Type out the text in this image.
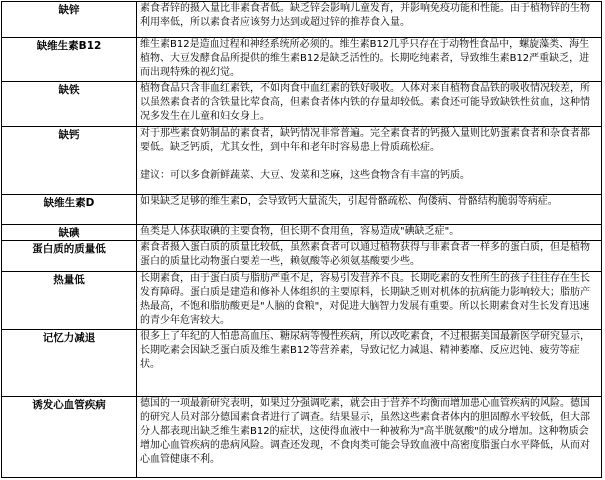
缺锌	素食者锌的摄入量比非素食者低。缺乏锌会影响儿童发育，并影响免疫功能和性能。由于植物锌的生物利用率低，所以素食者应该努力达到或超过锌的推荐食入量。
缺维生素B12	维生素B12是造血过程和神经系统所必须的。维生素B12几乎只存在于动物性食品中，螺旋藻类、海生植物、大豆发酵食品所提供的维生素B12是缺乏活性的。长期吃纯素者，导致维生素B12严重缺乏，进而出现特殊的视幻觉。
缺铁	植物食品只含非血红素铁，不如肉食中血红素的铁好吸收。人体对来自植物食品铁的吸收情况较差，所以虽然素食者的含铁量比荤食高，但素食者体内铁的存量却较低。素食还可能导致缺铁性贫血，这种情况多发生在儿童和妇女身上。
缺钙	对于那些素食奶制品的素食者，缺钙情况非常普遍。完全素食者的钙摄入量则比奶蛋素食者和杂食者都要低。缺乏钙质，尤其女性，到中年和老年时容易患上骨质疏松症。

建议：可以多食新鲜蔬菜、大豆、发菜和芝麻，这些食物含有丰富的钙质。
缺维生素D	如果缺乏足够的维生素D，会导致钙大量流失，引起骨骼疏松、佝偻病、骨骼结构脆弱等病症。
缺碘	鱼类是人体获取碘的主要食物，但长期不食用鱼，容易造成"碘缺乏症"。
蛋白质的质量低	素食者摄入蛋白质的质量比较低，虽然素食者可以通过植物获得与非素食者一样多的蛋白质，但是植物蛋白的质量比动物蛋白要差一些，赖氨酸等必须氨基酸要少些。
热量低	长期素食，由于蛋白质与脂肪严重不足，容易引发营养不良。长期吃素的女性所生的孩子往往存在生长发育障碍。蛋白质是建造和修补人体组织的主要原料，长期缺乏则对机体的抗病能力影响较大；脂肪产热最高，不饱和脂肪酸更是"人脑的食粮"，对促进大脑智力发展有重要。所以长期素食对生长发育迅速的青少年危害较大。
记忆力减退	很多上了年纪的人怕患高血压、糖尿病等慢性疾病，所以改吃素食，不过根据美国最新医学研究显示，长期吃素会因缺乏蛋白质及维生素B12等营养素，导致记忆力减退、精神萎靡、反应迟钝、疲劳等症状。
诱发心血管疾病	德国的一项最新研究表明，如果过分强调吃素，就会由于营养不均衡而增加患心血管疾病的风险。德国的研究人员对部分德国素食者进行了调查。结果显示，虽然这些素食者体内的胆固醇水平较低，但大部分人都表现出缺乏维生素B12的症状，这使得血液中一种被称为"高半胱氨酸"的成分增加。这种物质会增加心血管疾病的患病风险。调查还发现，不食肉类可能会导致血液中高密度脂蛋白水平降低，从而对心血管健康不利。
